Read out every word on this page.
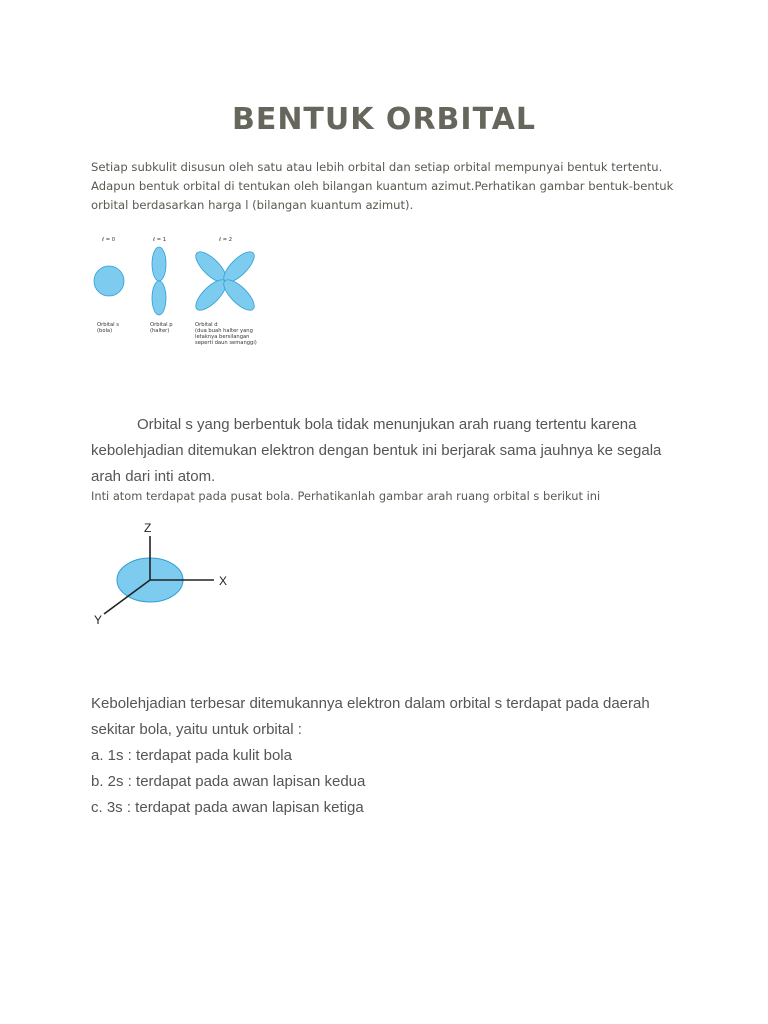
BENTUK ORBITAL
Setiap subkulit disusun oleh satu atau lebih orbital dan setiap orbital mempunyai bentuk tertentu. Adapun bentuk orbital di tentukan oleh bilangan kuantum azimut.Perhatikan gambar bentuk-bentuk orbital berdasarkan harga l (bilangan kuantum azimut).
ℓ = 0	ℓ = 1	ℓ = 2
Orbital s
(bola)
Orbital p
(halter)
Orbital d
(dua buah halter yang
letaknya bersilangan
seperti daun semanggi)
Orbital s yang berbentuk bola tidak menunjukan arah ruang tertentu karena
kebolehjadian ditemukan elektron dengan bentuk ini berjarak sama jauhnya ke segala
arah dari inti atom.
Inti atom terdapat pada pusat bola. Perhatikanlah gambar arah ruang orbital s berikut ini
Z
X
Y
Kebolehjadian terbesar ditemukannya elektron dalam orbital s terdapat pada daerah
sekitar bola, yaitu untuk orbital :
a. 1s : terdapat pada kulit bola
b. 2s : terdapat pada awan lapisan kedua
c. 3s : terdapat pada awan lapisan ketiga
